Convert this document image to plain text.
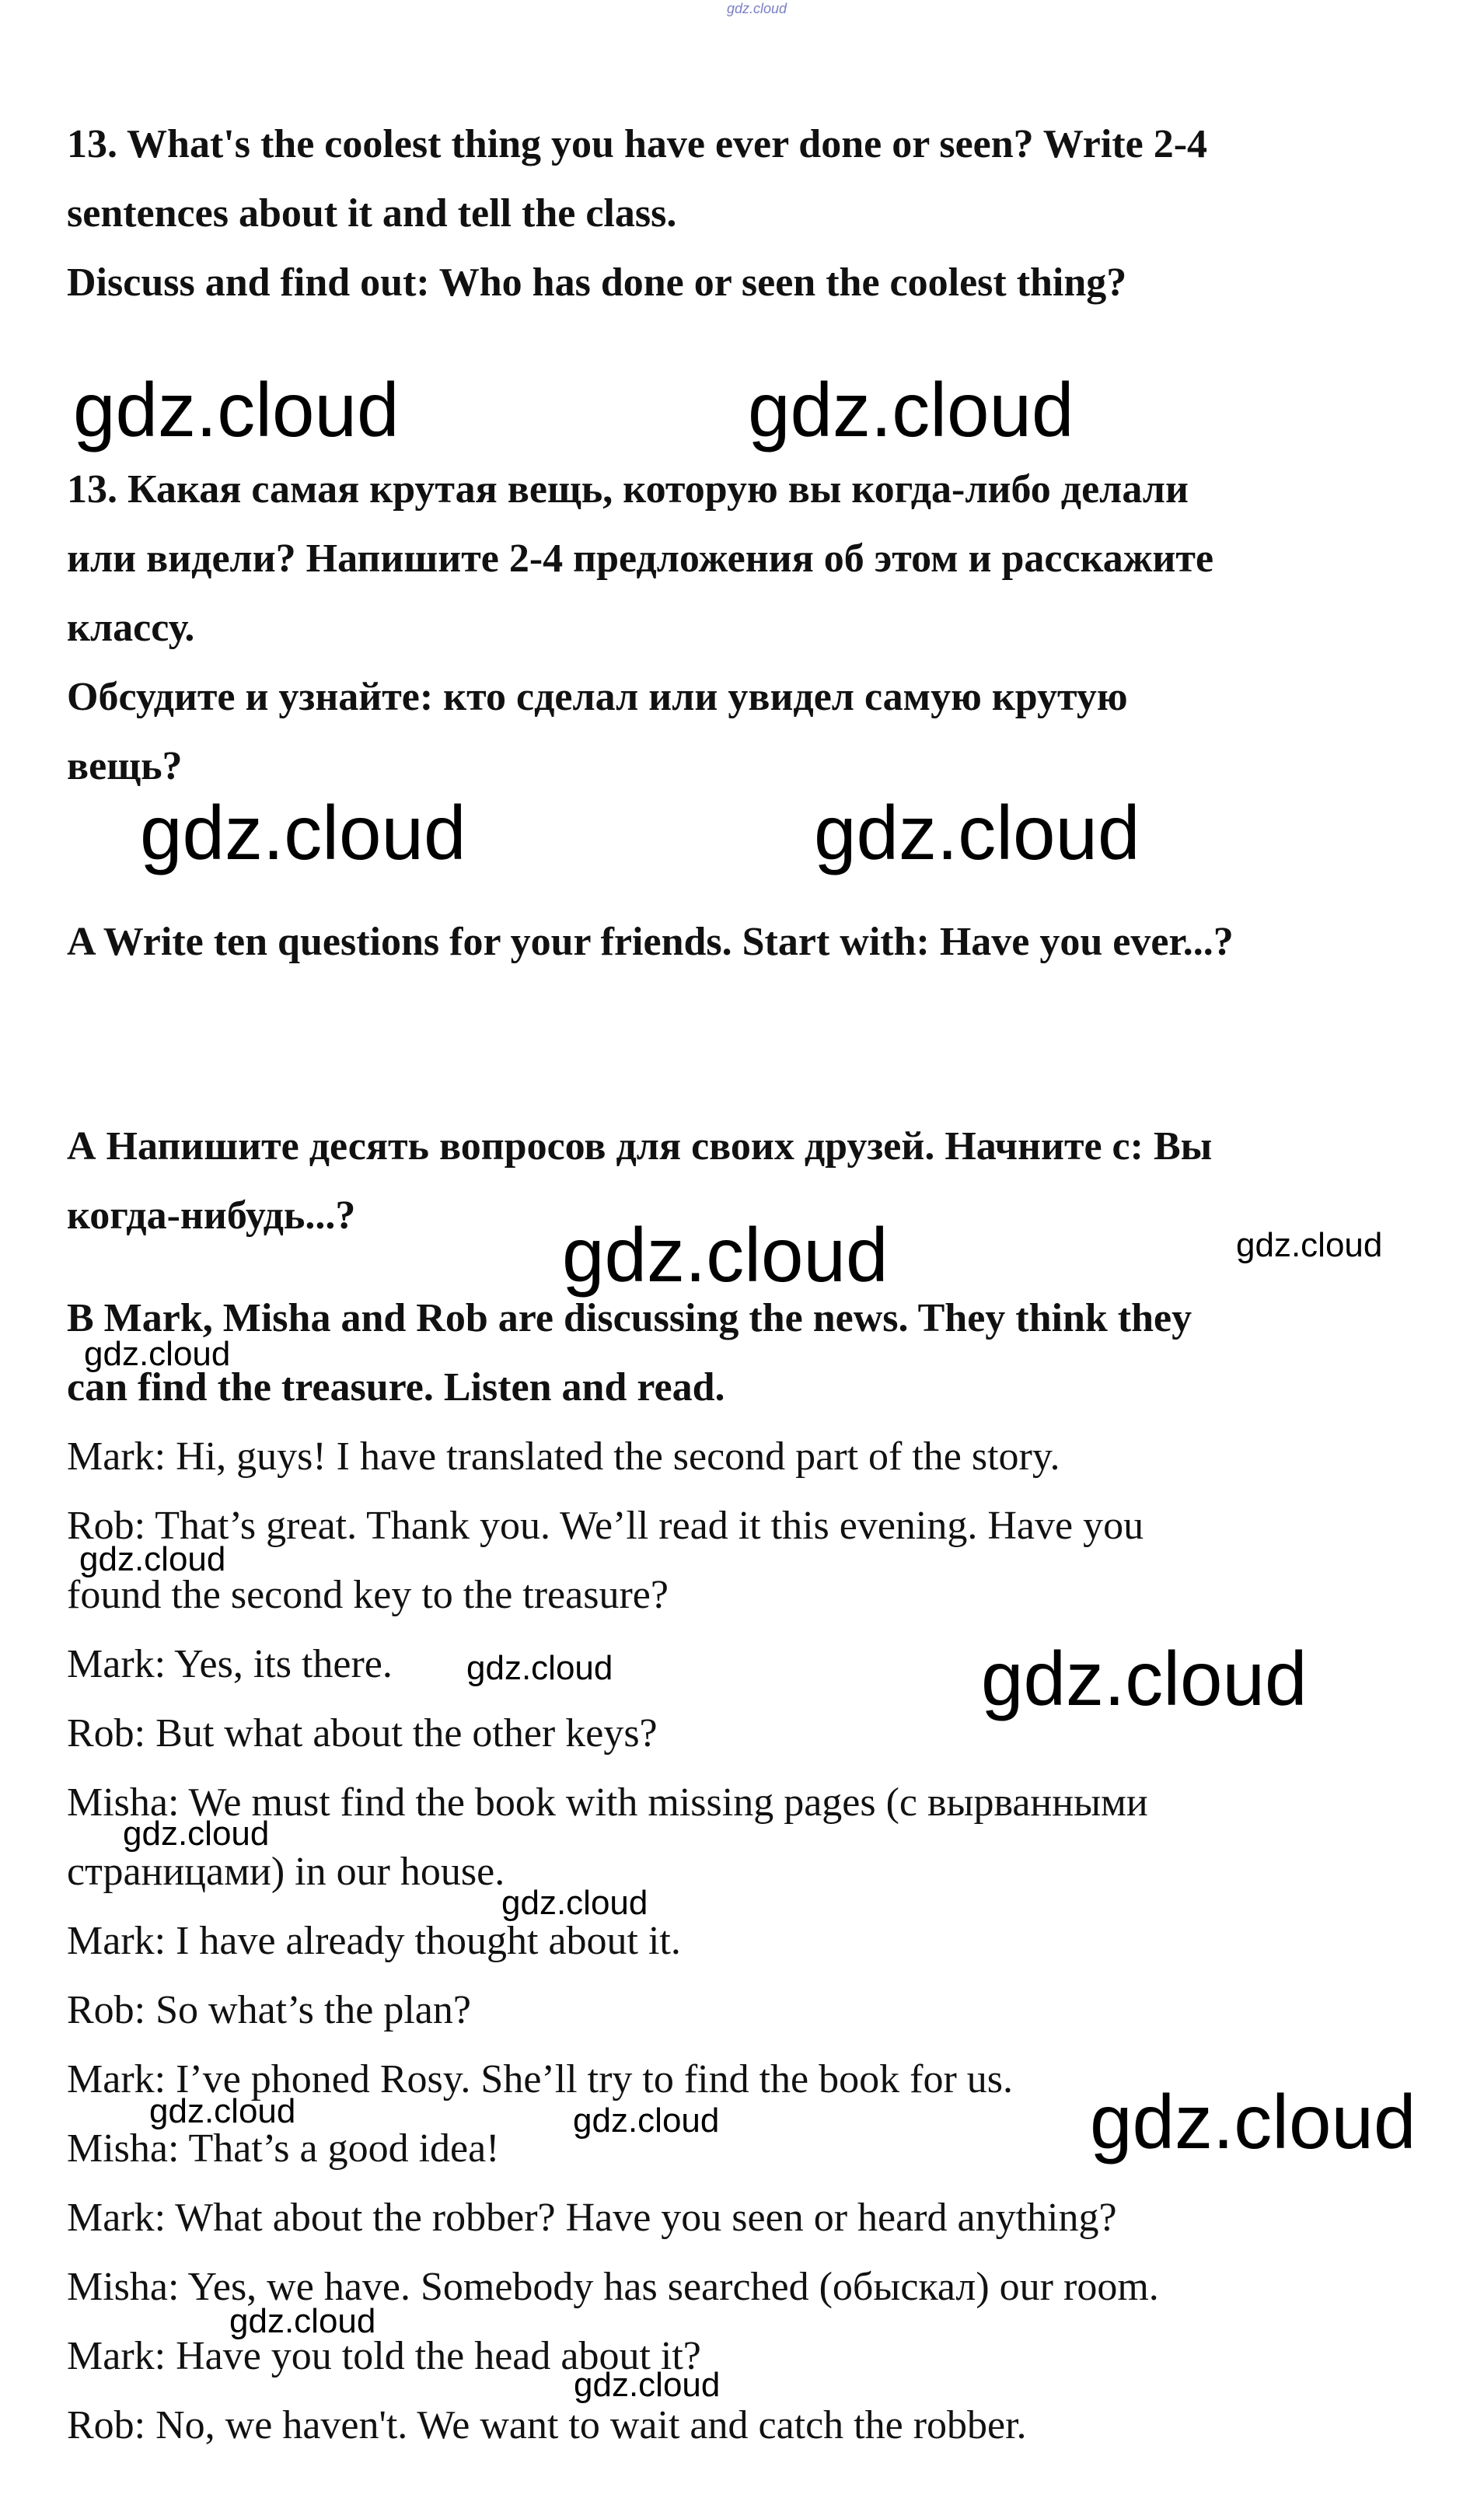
gdz.cloud

13. What's the coolest thing you have ever done or seen? Write 2-4

sentences about it and tell the class.

Discuss and find out: Who has done or seen the coolest thing?

gdz.cloud	gdz.cloud

13. Какая самая крутая вещь, которую вы когда-либо делали

или видели? Напишите 2-4 предложения об этом и расскажите

классу.

Обсудите и узнайте: кто сделал или увидел самую крутую

вещь?

gdz.cloud	gdz.cloud

A Write ten questions for your friends. Start with: Have you ever...?

А Напишите десять вопросов для своих друзей. Начните с: Вы

когда-нибудь...?	gdz.cloud	gdz.cloud

B Mark, Misha and Rob are discussing the news. They think they

gdz.cloud

can find the treasure. Listen and read.

Mark: Hi, guys! I have translated the second part of the story.

Rob: That’s great. Thank you. We’ll read it this evening. Have you

gdz.cloud

found the second key to the treasure?

Mark: Yes, its there. gdz.cloud	gdz.cloud

Rob: But what about the other keys?

Misha: We must find the book with missing pages (с вырванными

gdz.cloud

страницами) in our house.

gdz.cloud

Mark: I have already thought about it.

Rob: So what’s the plan?

Mark: I’ve phoned Rosy. She’ll try to find the book for us.

gdz.cloud	gdz.cloud	gdz.cloud

Misha: That’s a good idea!

Mark: What about the robber? Have you seen or heard anything?

Misha: Yes, we have. Somebody has searched (обыскал) our room.

gdz.cloud

Mark: Have you told the head about it?

gdz.cloud

Rob: No, we haven't. We want to wait and catch the robber.
